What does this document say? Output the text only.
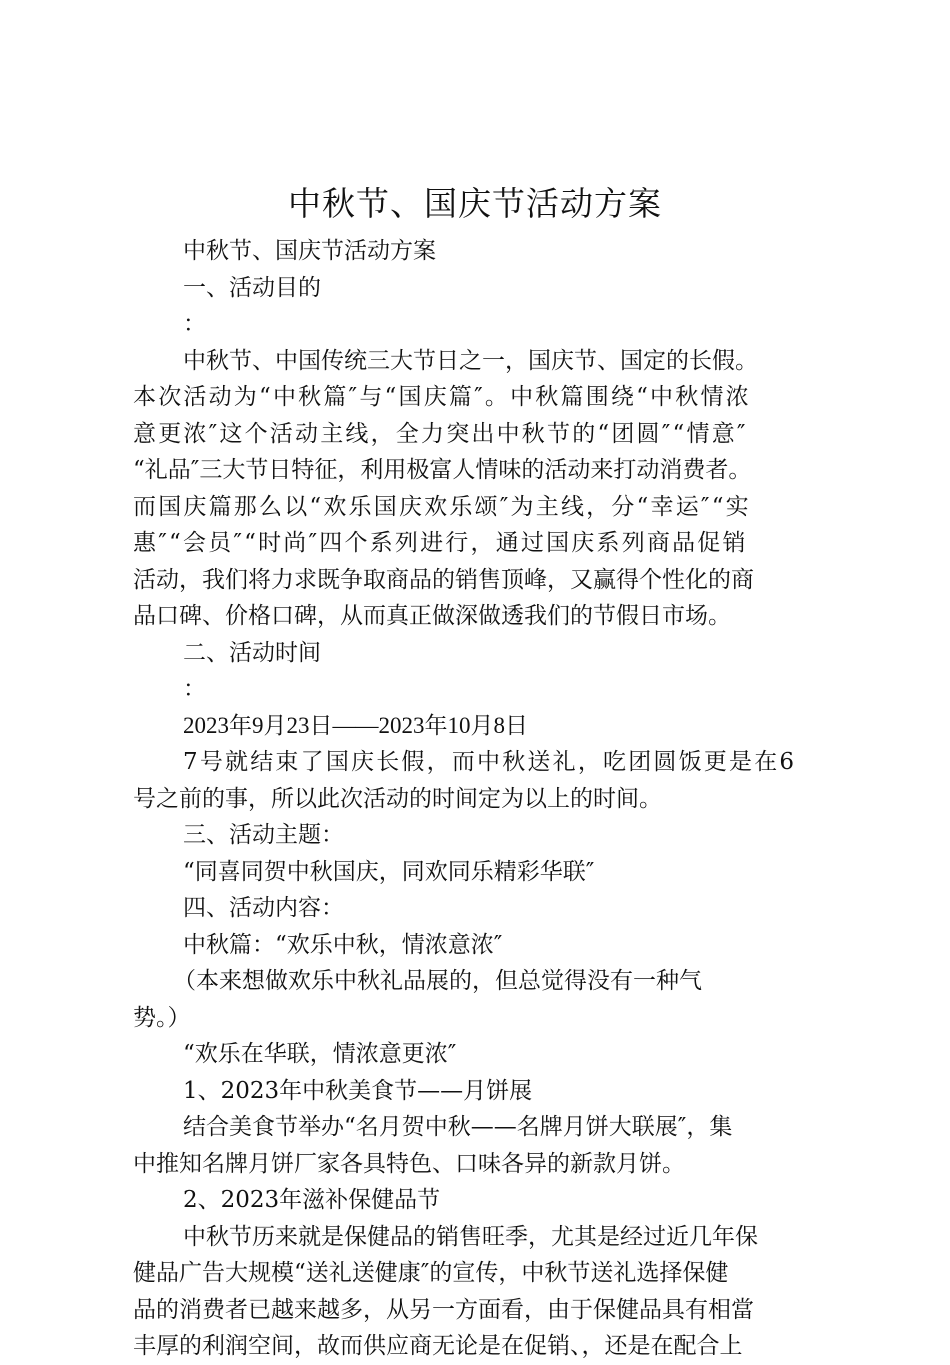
中秋节、国庆节活动方案
中秋节、国庆节活动方案
一、活动目的
：
中秋节、中国传统三大节日之一，国庆节、国定的长假。
本次活动为“中秋篇″与“国庆篇″。中秋篇围绕“中秋情浓
意更浓″这个活动主线，全力突出中秋节的“团圆″“情意″
“礼品″三大节日特征，利用极富人情味的活动来打动消费者。
而国庆篇那么以“欢乐国庆欢乐颂″为主线，分“幸运″“实
惠″“会员″“时尚″四个系列进行，通过国庆系列商品促销
活动，我们将力求既争取商品的销售顶峰，又赢得个性化的商
品口碑、价格口碑，从而真正做深做透我们的节假日市场。
二、活动时间
：
2023年9月23日——2023年10月8日
7号就结束了国庆长假，而中秋送礼，吃团圆饭更是在6
号之前的事，所以此次活动的时间定为以上的时间。
三、活动主题：
“同喜同贺中秋国庆，同欢同乐精彩华联″
四、活动内容：
中秋篇：“欢乐中秋，情浓意浓″
（本来想做欢乐中秋礼品展的，但总觉得没有一种气
势。）
“欢乐在华联，情浓意更浓″
1、2023年中秋美食节——月饼展
结合美食节举办“名月贺中秋——名牌月饼大联展″，集
中推知名牌月饼厂家各具特色、口味各异的新款月饼。
2、2023年滋补保健品节
中秋节历来就是保健品的销售旺季，尤其是经过近几年保
健品广告大规模“送礼送健康″的宣传，中秋节送礼选择保健
品的消费者已越来越多，从另一方面看，由于保健品具有相當
丰厚的利润空间，故而供应商无论是在促销、，还是在配合上
